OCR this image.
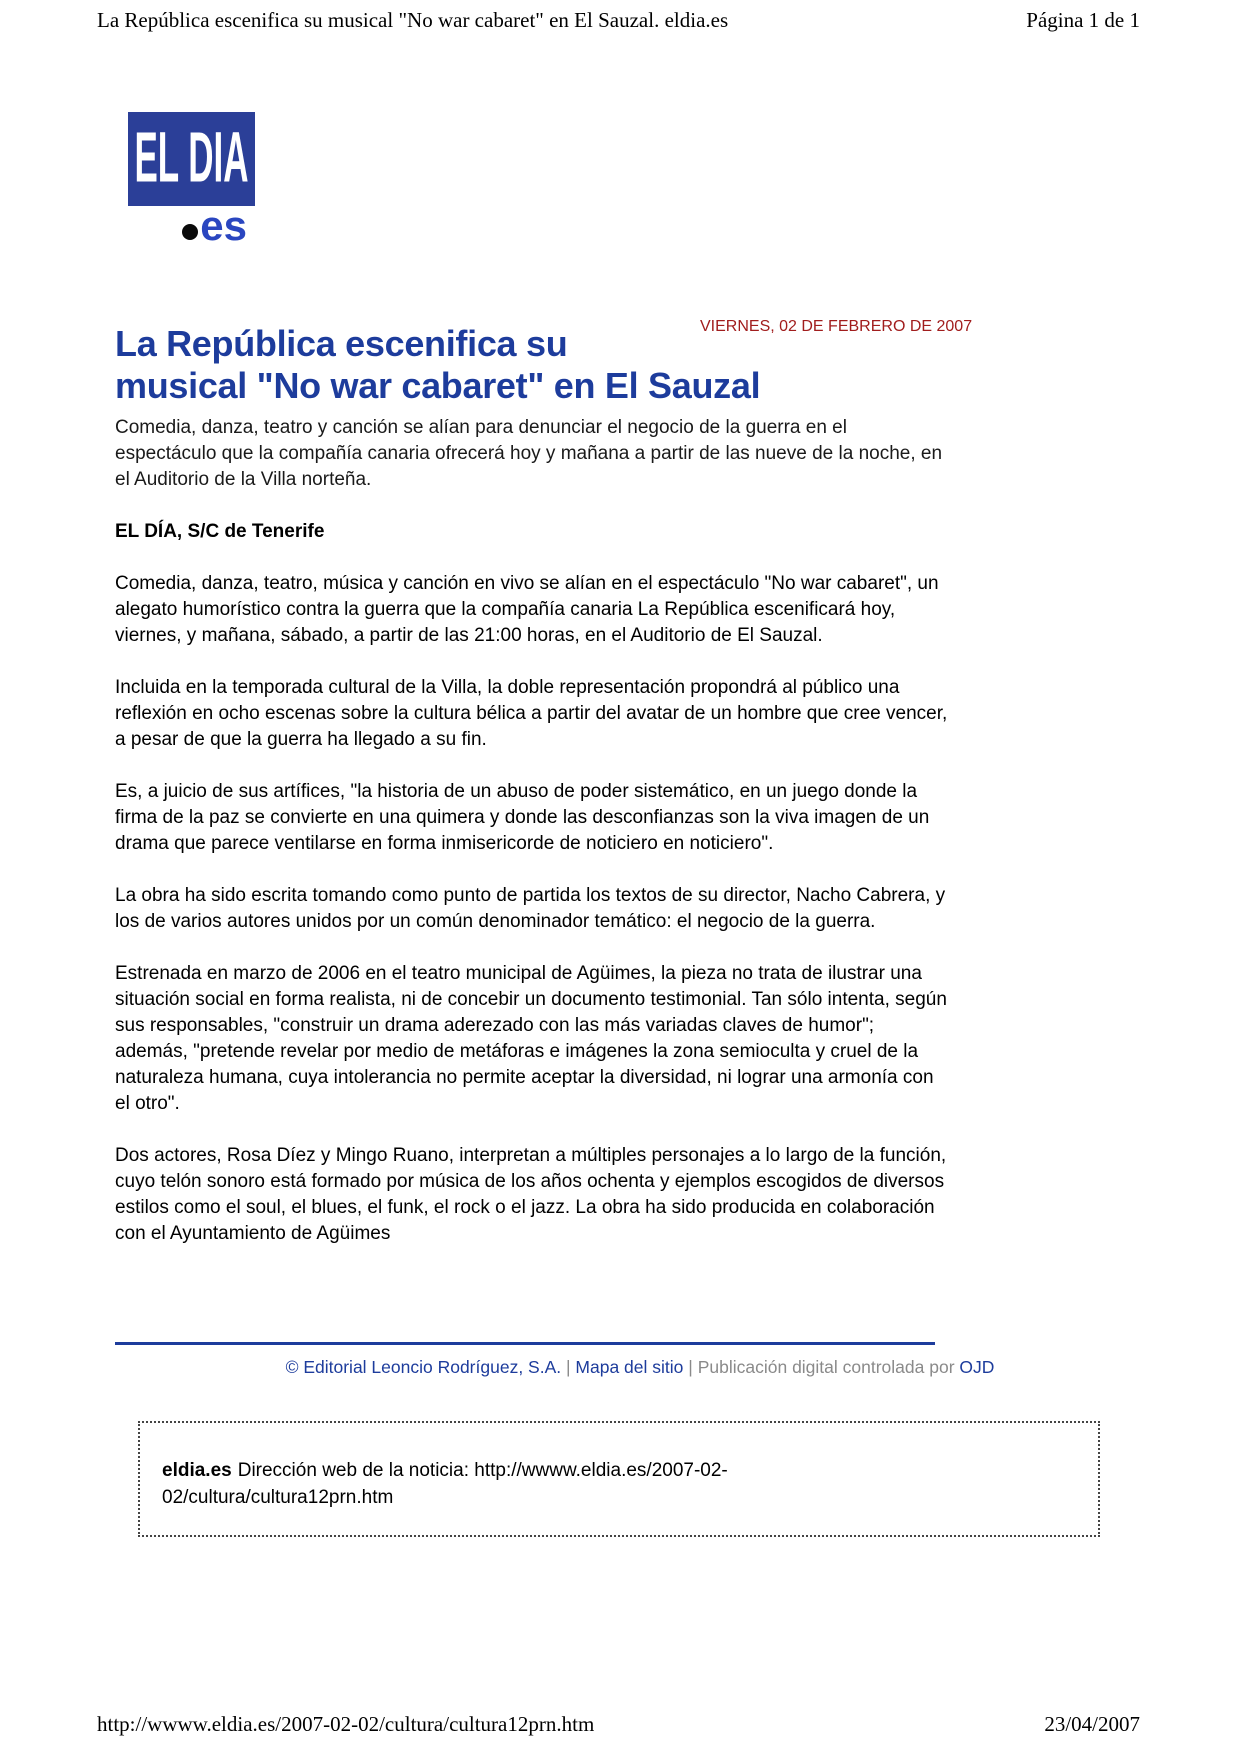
La República escenifica su musical "No war cabaret" en El Sauzal. eldia.es	Página 1 de 1
EL DIA
es
VIERNES, 02 DE FEBRERO DE 2007
La República escenifica su
musical "No war cabaret" en El Sauzal

Comedia, danza, teatro y canción se alían para denunciar el negocio de la guerra en el espectáculo que la compañía canaria ofrecerá hoy y mañana a partir de las nueve de la noche, en el Auditorio de la Villa norteña.

EL DÍA, S/C de Tenerife

Comedia, danza, teatro, música y canción en vivo se alían en el espectáculo "No war cabaret", un alegato humorístico contra la guerra que la compañía canaria La República escenificará hoy, viernes, y mañana, sábado, a partir de las 21:00 horas, en el Auditorio de El Sauzal.

Incluida en la temporada cultural de la Villa, la doble representación propondrá al público una reflexión en ocho escenas sobre la cultura bélica a partir del avatar de un hombre que cree vencer, a pesar de que la guerra ha llegado a su fin.

Es, a juicio de sus artífices, "la historia de un abuso de poder sistemático, en un juego donde la firma de la paz se convierte en una quimera y donde las desconfianzas son la viva imagen de un drama que parece ventilarse en forma inmisericorde de noticiero en noticiero".

La obra ha sido escrita tomando como punto de partida los textos de su director, Nacho Cabrera, y los de varios autores unidos por un común denominador temático: el negocio de la guerra.

Estrenada en marzo de 2006 en el teatro municipal de Agüimes, la pieza no trata de ilustrar una situación social en forma realista, ni de concebir un documento testimonial. Tan sólo intenta, según sus responsables, "construir un drama aderezado con las más variadas claves de humor"; además, "pretende revelar por medio de metáforas e imágenes la zona semioculta y cruel de la naturaleza humana, cuya intolerancia no permite aceptar la diversidad, ni lograr una armonía con el otro".

Dos actores, Rosa Díez y Mingo Ruano, interpretan a múltiples personajes a lo largo de la función, cuyo telón sonoro está formado por música de los años ochenta y ejemplos escogidos de diversos estilos como el soul, el blues, el funk, el rock o el jazz. La obra ha sido producida en colaboración con el Ayuntamiento de Agüimes

© Editorial Leoncio Rodríguez, S.A. | Mapa del sitio | Publicación digital controlada por OJD
eldia.es Dirección web de la noticia: http://wwww.eldia.es/2007-02-
02/cultura/cultura12prn.htm
http://wwww.eldia.es/2007-02-02/cultura/cultura12prn.htm	23/04/2007
